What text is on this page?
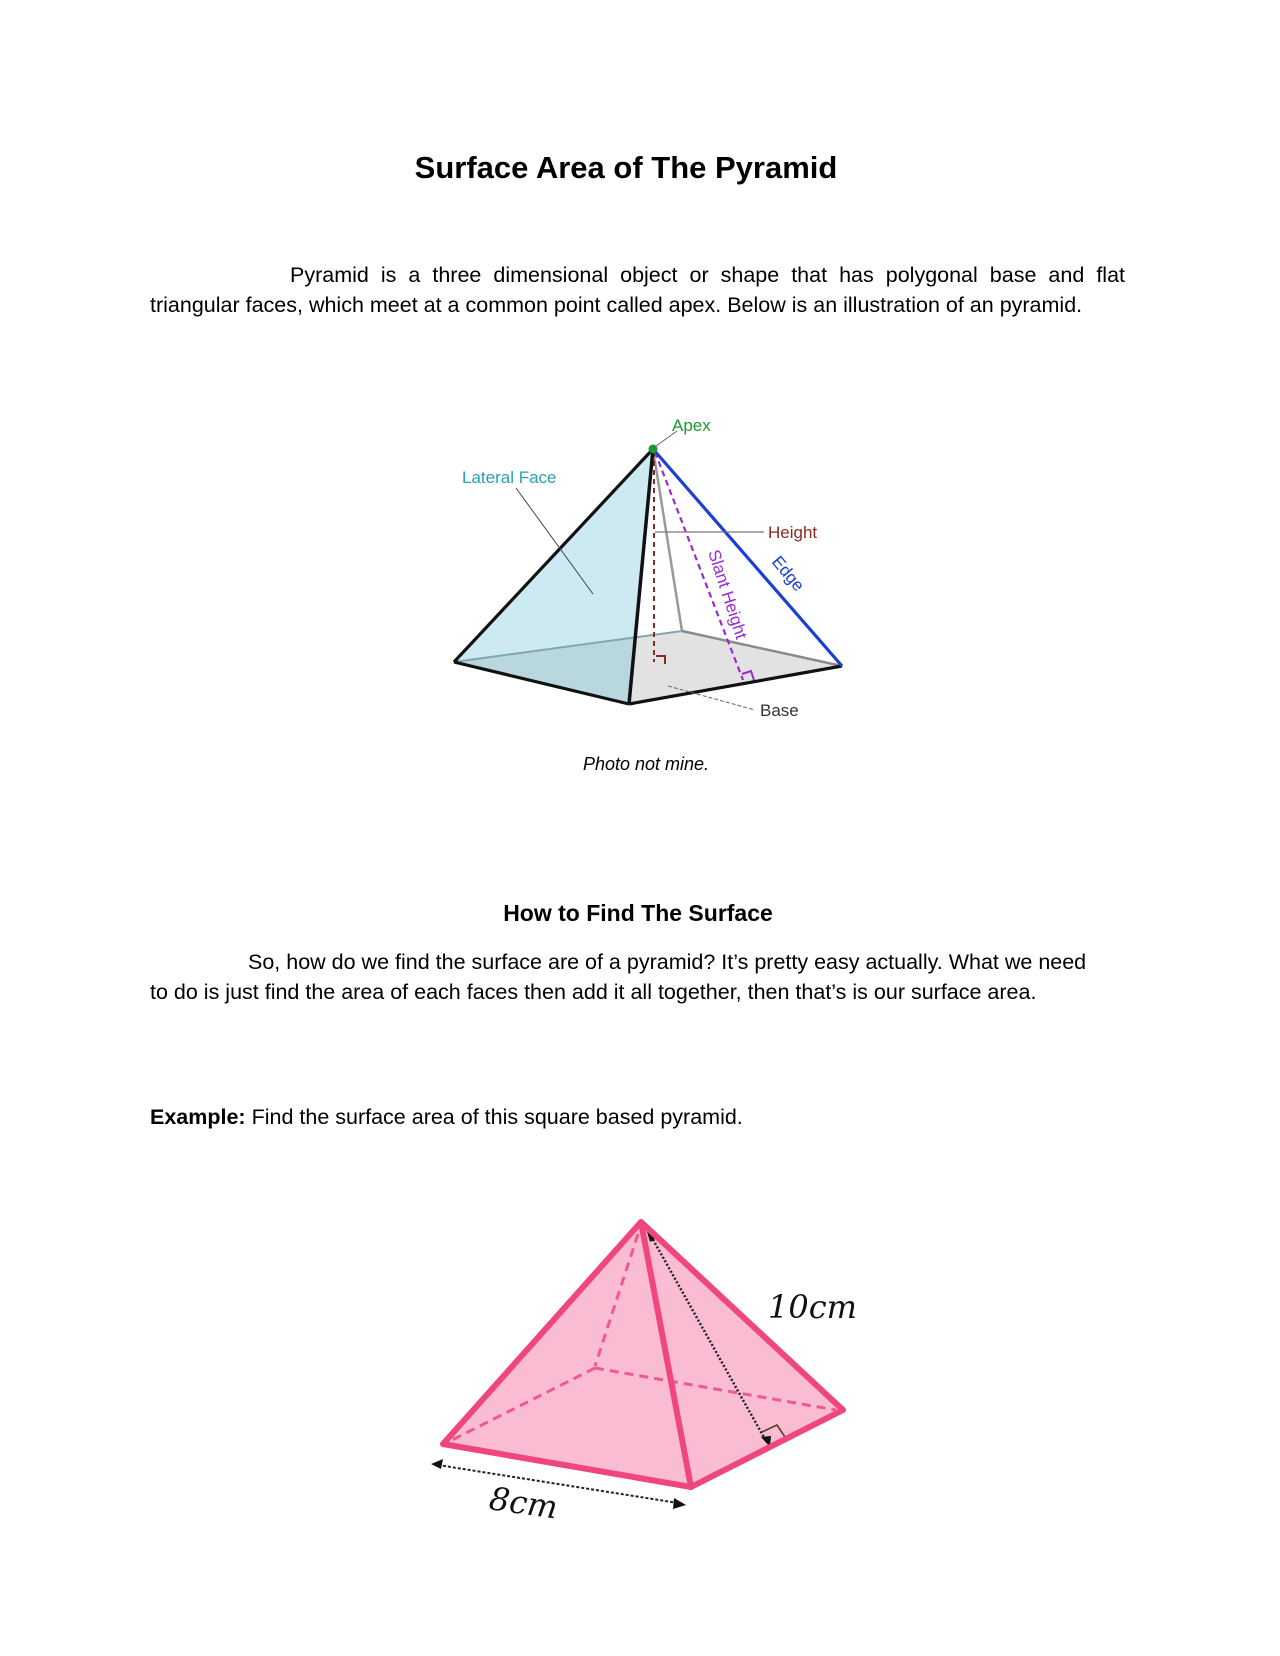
Surface Area of The Pyramid
Pyramid is a three dimensional object or shape that has polygonal base and flat triangular faces, which meet at a common point called apex. Below is an illustration of an pyramid.
Apex
Lateral Face
Height
Edge
Slant Height
Base
Photo not mine.
How to Find The Surface
So, how do we find the surface are of a pyramid? It’s pretty easy actually. What we need to do is just find the area of each faces then add it all together, then that’s is our surface area.
Example: Find the surface area of this square based pyramid.
10cm
8cm
